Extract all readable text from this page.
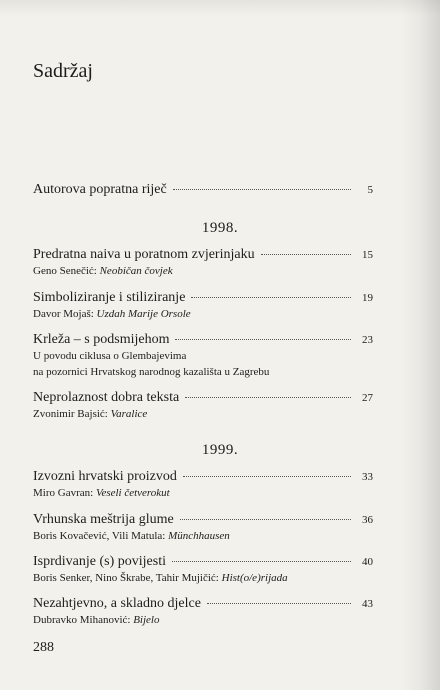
Sadržaj
Autorova popratna riječ	5
1998.
Predratna naiva u poratnom zvjerinjaku	15
Geno Senečić: Neobičan čovjek
Simboliziranje i stiliziranje	19
Davor Mojaš: Uzdah Marije Orsole
Krleža – s podsmijehom	23
U povodu ciklusa o Glembajevima
na pozornici Hrvatskog narodnog kazališta u Zagrebu
Neprolaznost dobra teksta	27
Zvonimir Bajsić: Varalice
1999.
Izvozni hrvatski proizvod	33
Miro Gavran: Veseli četverokut
Vrhunska meštrija glume	36
Boris Kovačević, Vili Matula: Münchhausen
Isprdivanje (s) povijesti	40
Boris Senker, Nino Škrabe, Tahir Mujičić: Hist(o/e)rijada
Nezahtjevno, a skladno djelce	43
Dubravko Mihanović: Bijelo
288
